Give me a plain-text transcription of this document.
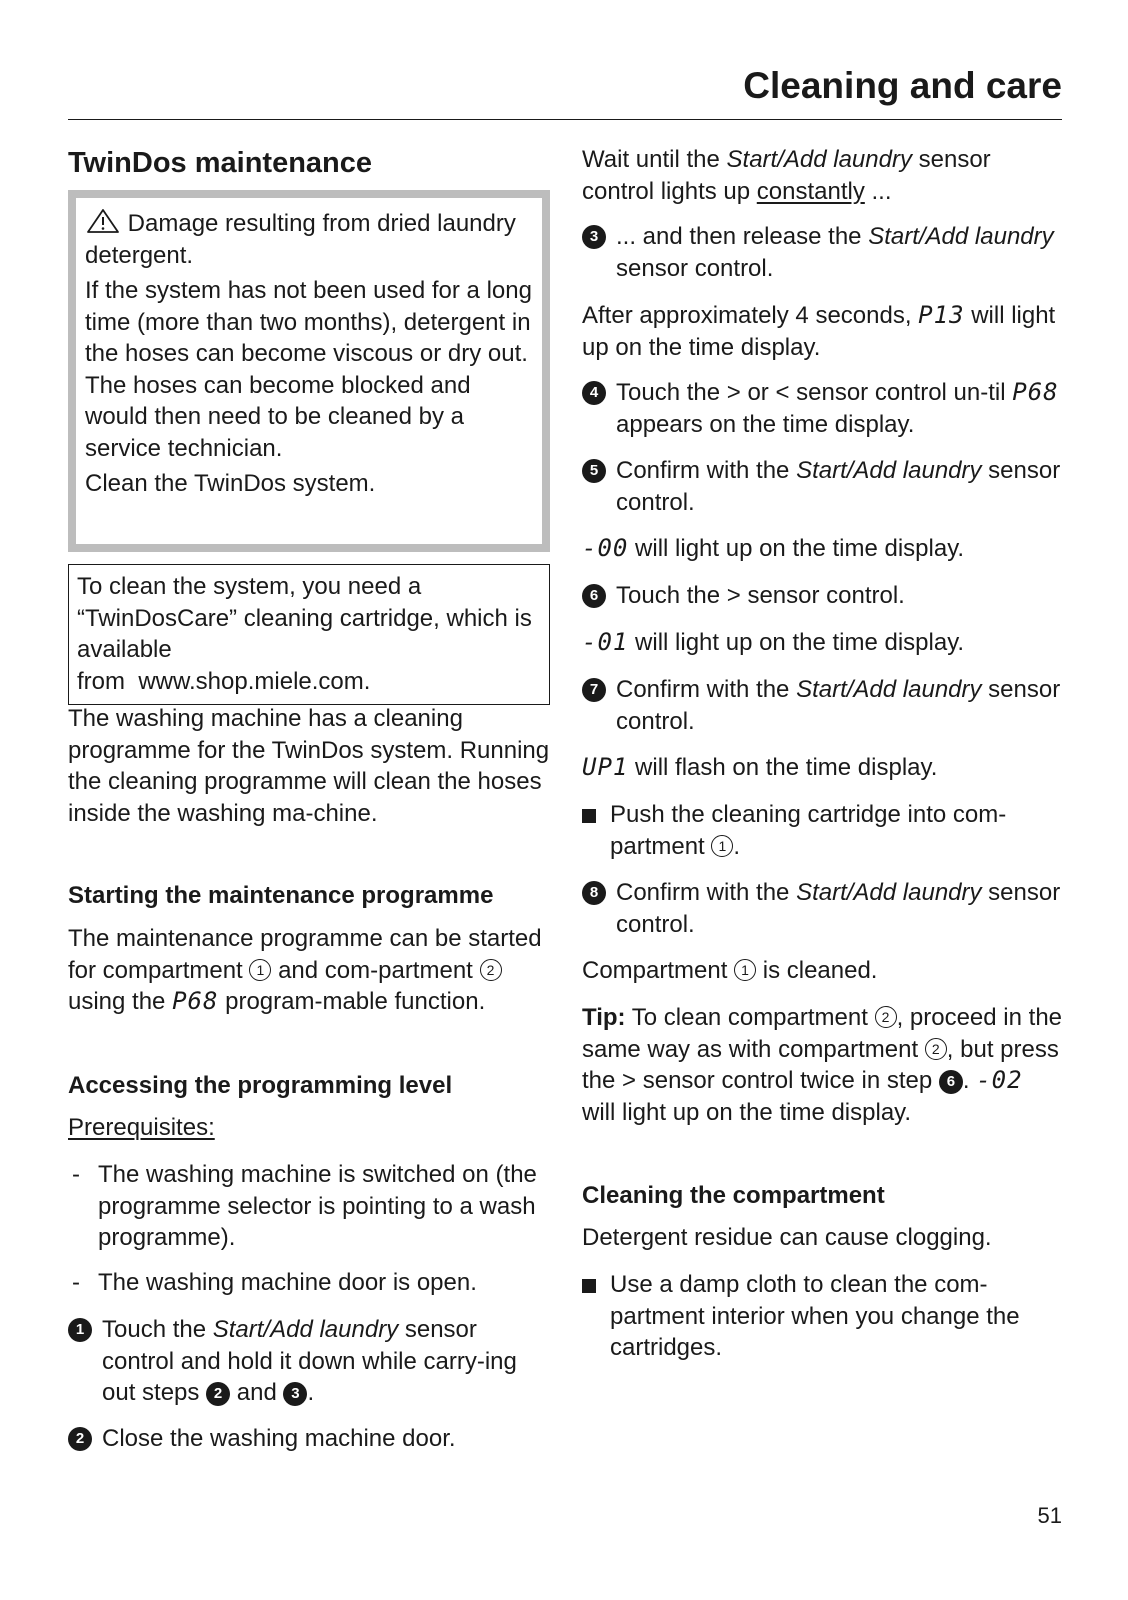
Cleaning and care
TwinDos maintenance

Damage resulting from dried laundry detergent.

If the system has not been used for a long time (more than two months), detergent in the hoses can become viscous or dry out. The hoses can become blocked and would then need to be cleaned by a service technician.

Clean the TwinDos system.

To clean the system, you need a “TwinDosCare” cleaning cartridge, which is available

from www.shop.miele.com.

The washing machine has a cleaning programme for the TwinDos system. Running the cleaning programme will clean the hoses inside the washing ma-chine.

Starting the maintenance programme

The maintenance programme can be started for compartment 1 and com-partment 2 using the P68 program-mable function.

Accessing the programming level

Prerequisites:

- The washing machine is switched on (the programme selector is pointing to a wash programme).

- The washing machine door is open.

1 Touch the Start/Add laundry sensor control and hold it down while carry-ing out steps 2 and 3 .

2 Close the washing machine door.

Wait until the Start/Add laundry sensor control lights up constantly ...

3 ... and then release the Start/Add laundry sensor control.

After approximately 4 seconds, P13 will light up on the time display.

4 Touch the > or < sensor control un-til P68 appears on the time display.

5 Confirm with the Start/Add laundry sensor control.

-00 will light up on the time display.

6 Touch the > sensor control.

-01 will light up on the time display.

7 Confirm with the Start/Add laundry sensor control.

UP1 will flash on the time display.

Push the cleaning cartridge into com-partment 1 .

8 Confirm with the Start/Add laundry sensor control.

Compartment 1 is cleaned.

Tip: To clean compartment 2 , proceed in the same way as with compartment 2 , but press the > sensor control twice in step 6 . -02 will light up on the time display.

Cleaning the compartment

Detergent residue can cause clogging.

Use a damp cloth to clean the com-partment interior when you change the cartridges.

51
